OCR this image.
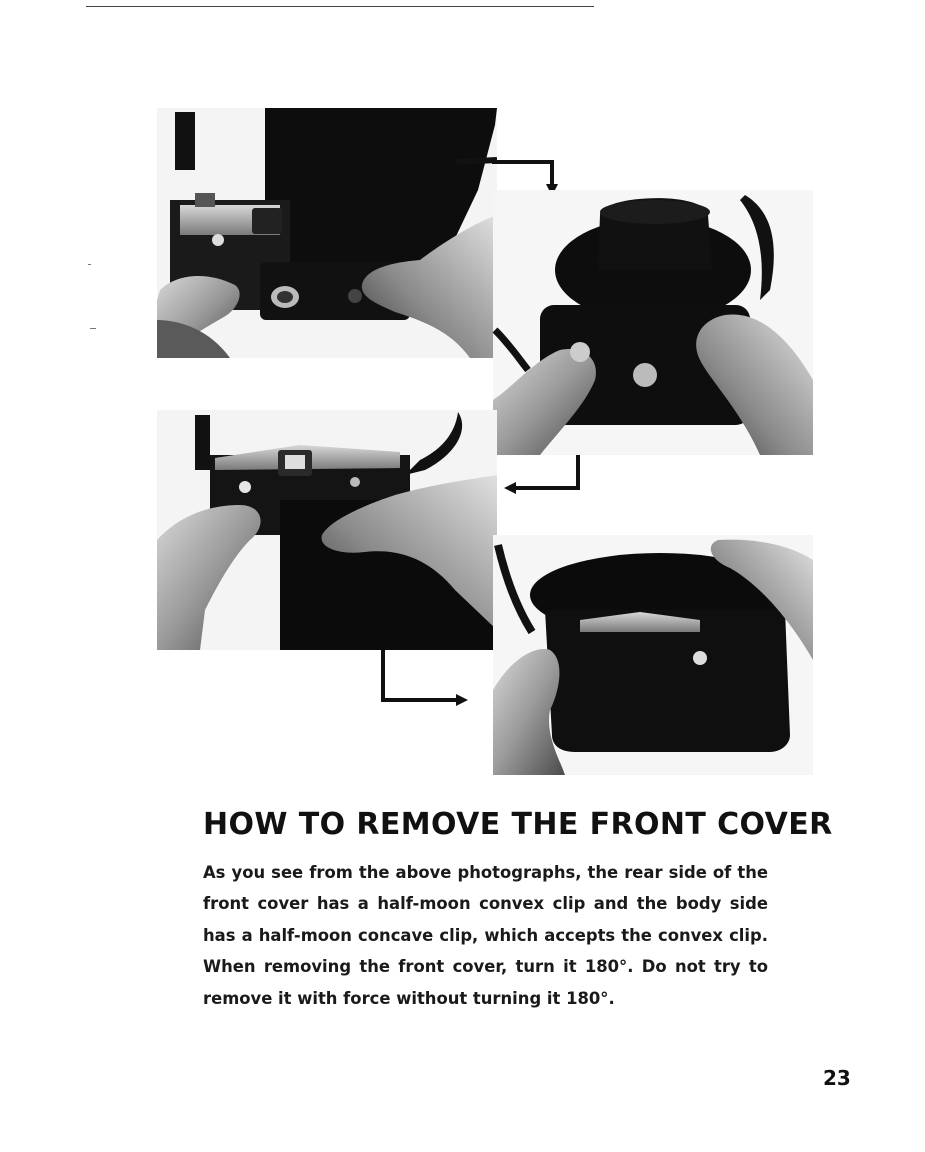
HOW TO REMOVE THE FRONT COVER

As you see from the above photographs, the rear side of the
front cover has a half-moon convex clip and the body side
has a half-moon concave clip, which accepts the convex clip.
When removing the front cover, turn it 180°. Do not try to
remove it with force without turning it 180°.

23
